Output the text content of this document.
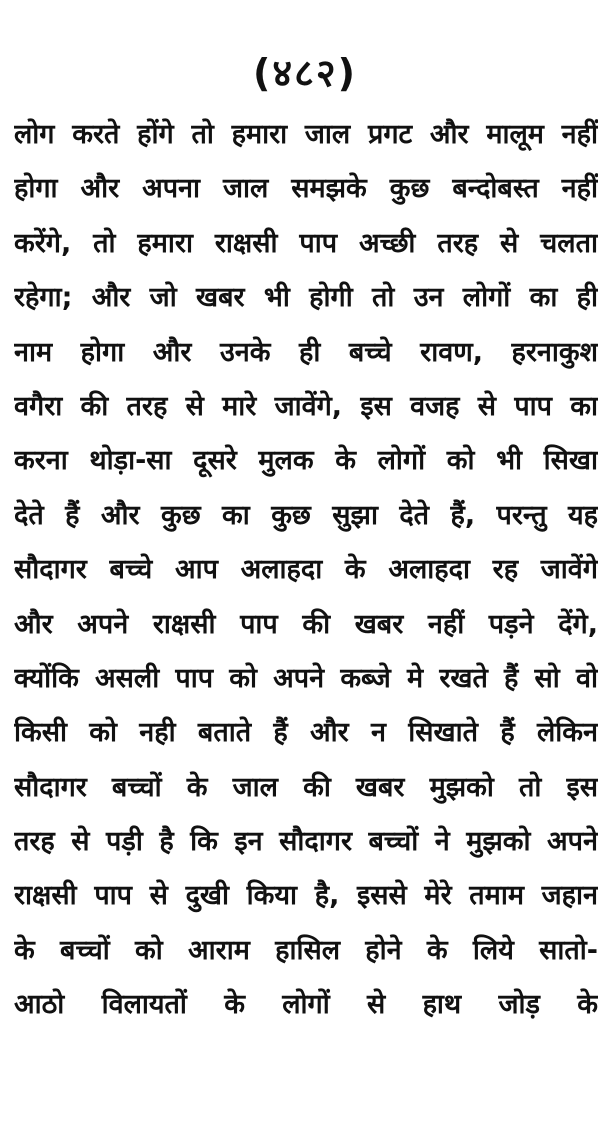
(४८२)
लोग करते होंगे तो हमारा जाल प्रगट और मालूम नहीं
होगा और अपना जाल समझके कुछ बन्दोबस्त नहीं
करेंगे, तो हमारा राक्षसी पाप अच्छी तरह से चलता
रहेगा; और जो खबर भी होगी तो उन लोगों का ही
नाम होगा और उनके ही बच्चे रावण, हरनाकुश
वगैरा की तरह से मारे जावेंगे, इस वजह से पाप का
करना थोड़ा-सा दूसरे मुलक के लोगों को भी सिखा
देते हैं और कुछ का कुछ सुझा देते हैं, परन्तु यह
सौदागर बच्चे आप अलाहदा के अलाहदा रह जावेंगे
और अपने राक्षसी पाप की खबर नहीं पड़ने देंगे,
क्योंकि असली पाप को अपने कब्जे मे रखते हैं सो वो
किसी को नही बताते हैं और न सिखाते हैं लेकिन
सौदागर बच्चों के जाल की खबर मुझको तो इस
तरह से पड़ी है कि इन सौदागर बच्चों ने मुझको अपने
राक्षसी पाप से दुखी किया है, इससे मेरे तमाम जहान
के बच्चों को आराम हासिल होने के लिये सातो-
आठो विलायतों के लोगों से हाथ जोड़ के
